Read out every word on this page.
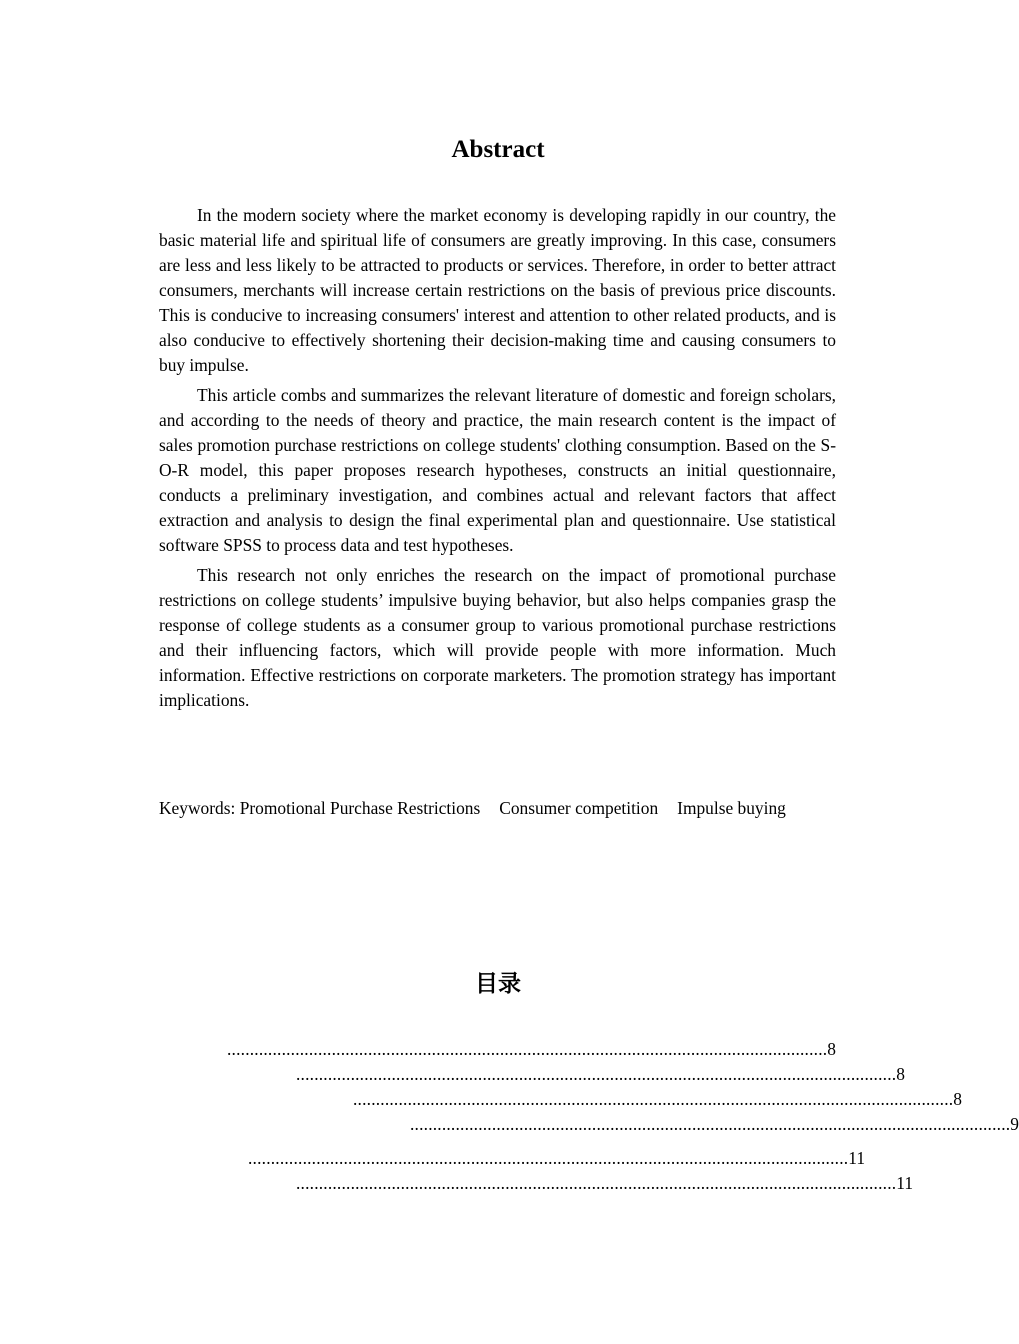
Abstract

In the modern society where the market economy is developing rapidly in our country, the basic material life and spiritual life of consumers are greatly improving. In this case, consumers are less and less likely to be attracted to products or services. Therefore, in order to better attract consumers, merchants will increase certain restrictions on the basis of previous price discounts. This is conducive to increasing consumers' interest and attention to other related products, and is also conducive to effectively shortening their decision-making time and causing consumers to buy impulse.

This article combs and summarizes the relevant literature of domestic and foreign scholars, and according to the needs of theory and practice, the main research content is the impact of sales promotion purchase restrictions on college students' clothing consumption. Based on the S-O-R model, this paper proposes research hypotheses, constructs an initial questionnaire, conducts a preliminary investigation, and combines actual and relevant factors that affect extraction and analysis to design the final experimental plan and questionnaire. Use statistical software SPSS to process data and test hypotheses.

This research not only enriches the research on the impact of promotional purchase restrictions on college students’ impulsive buying behavior, but also helps companies grasp the response of college students as a consumer group to various promotional purchase restrictions and their influencing factors, which will provide people with more information. Much information. Effective restrictions on corporate marketers. The promotion strategy has important implications.

Keywords: Promotional Purchase Restrictions Consumer competition Impulse buying
目录
....................................................................................................................................8
....................................................................................................................................8
....................................................................................................................................8
....................................................................................................................................9
....................................................................................................................................11
....................................................................................................................................11
